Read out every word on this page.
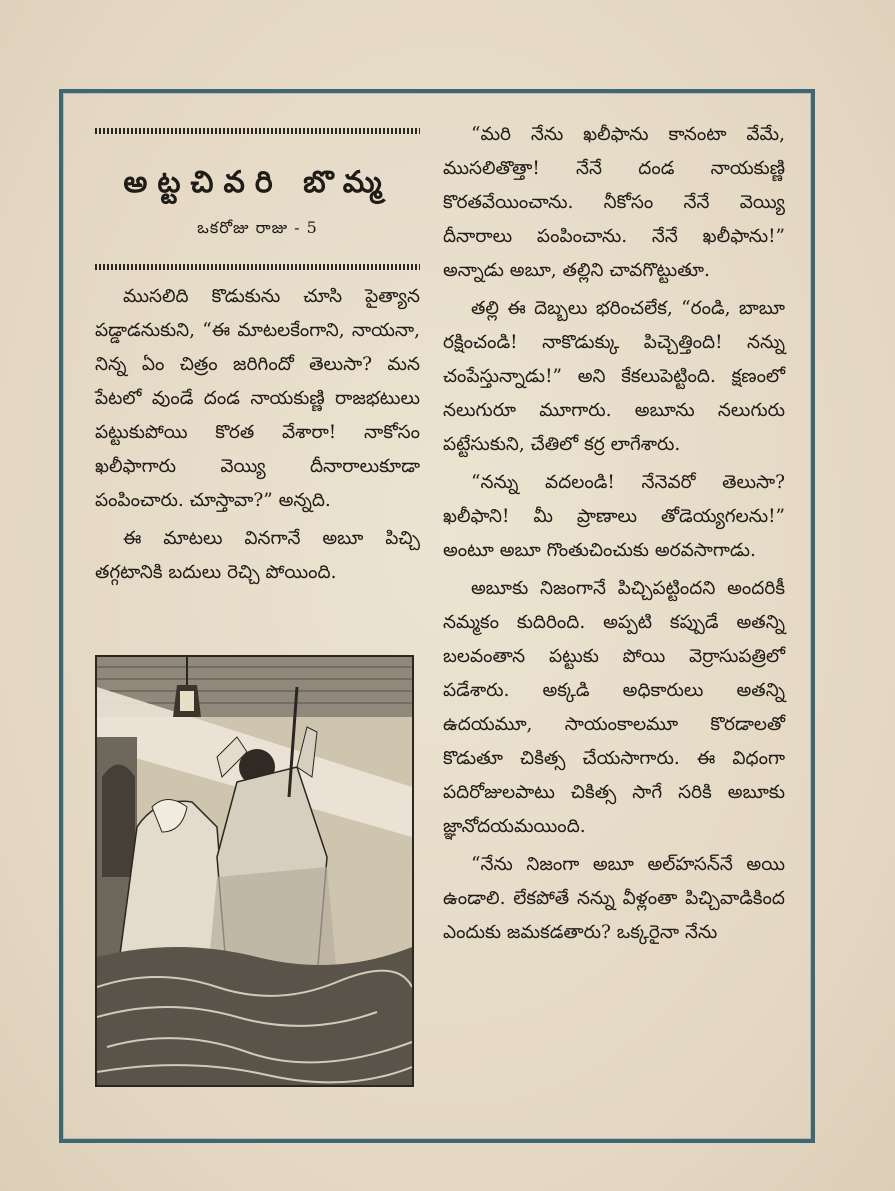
అట్టచివరి బొమ్మ
ఒకరోజు రాజు - 5

ముసలిది కొడుకును చూసి పైత్యాన పడ్డాడనుకుని, “ఈ మాటలకేంగాని, నాయనా, నిన్న ఏం చిత్రం జరిగిందో తెలుసా? మన పేటలో వుండే దండ నాయకుణ్ణి రాజభటులు పట్టుకుపోయి కొరత వేశారా! నాకోసం ఖలీఫాగారు వెయ్యి దీనారాలుకూడా పంపించారు. చూస్తావా?” అన్నది.

ఈ మాటలు వినగానే అబూ పిచ్చి తగ్గటానికి బదులు రెచ్చి పోయింది.

“మరి నేను ఖలీఫాను కానంటా వేమే, ముసలితొత్తా! నేనే దండ నాయకుణ్ణి కొరతవేయించాను. నీకోసం నేనే వెయ్యి దీనారాలు పంపించాను. నేనే ఖలీఫాను!” అన్నాడు అబూ, తల్లిని చావగొట్టుతూ.

తల్లి ఈ దెబ్బలు భరించలేక, “రండి, బాబూ రక్షించండి! నాకొడుక్కు పిచ్చెత్తింది! నన్ను చంపేస్తున్నాడు!” అని కేకలుపెట్టింది. క్షణంలో నలుగురూ మూగారు. అబూను నలుగురు పట్టేసుకుని, చేతిలో కర్ర లాగేశారు.

“నన్ను వదలండి! నేనెవరో తెలుసా? ఖలీఫాని! మీ ప్రాణాలు తోడెయ్యగలను!” అంటూ అబూ గొంతుచించుకు అరవసాగాడు.

అబూకు నిజంగానే పిచ్చిపట్టిందని అందరికీ నమ్మకం కుదిరింది. అప్పటి కప్పుడే అతన్ని బలవంతాన పట్టుకు పోయి వెర్రాసుపత్రిలో పడేశారు. అక్కడి అధికారులు అతన్ని ఉదయమూ, సాయంకాలమూ కొరడాలతో కొడుతూ చికిత్స చేయసాగారు. ఈ విధంగా పదిరోజులపాటు చికిత్స సాగే సరికి అబూకు జ్ఞానోదయమయింది.

“నేను నిజంగా అబూ అల్‌హసన్‌నే అయి ఉండాలి. లేకపోతే నన్ను వీళ్లంతా పిచ్చివాడికింద ఎందుకు జమకడతారు? ఒక్కరైనా నేను
